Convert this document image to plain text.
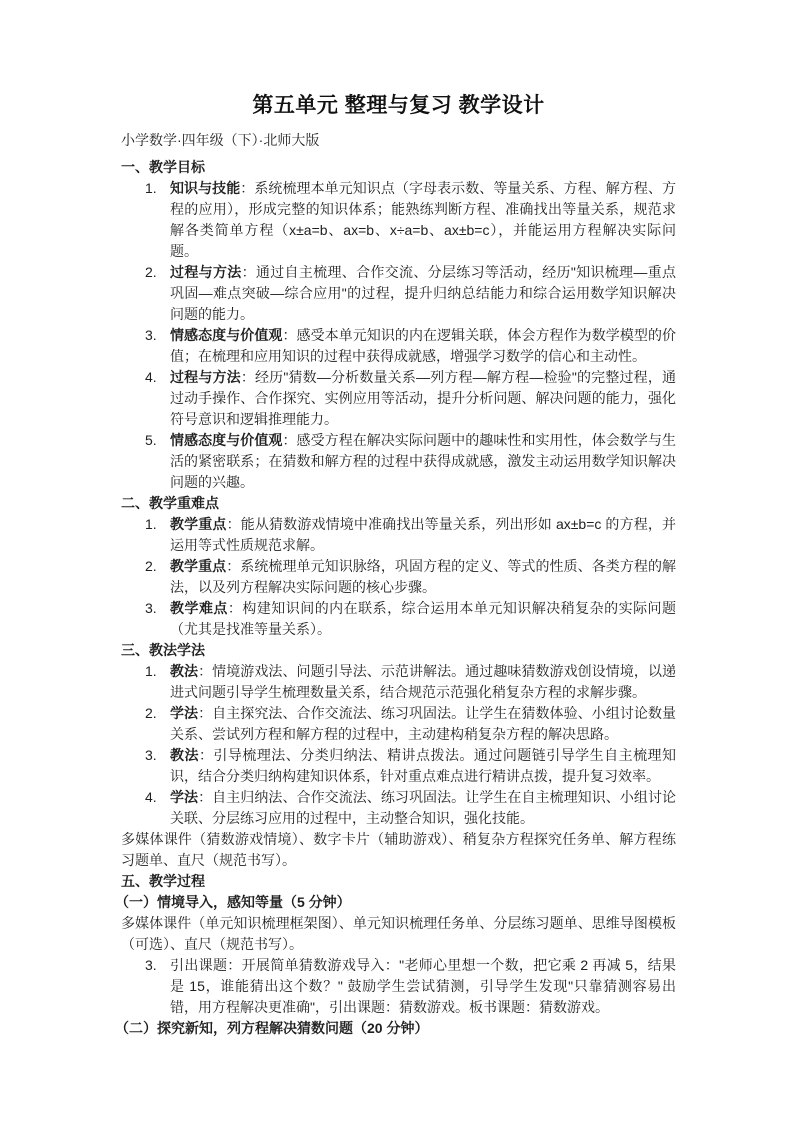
第五单元 整理与复习 教学设计
小学数学·四年级（下）·北师大版
一、教学目标
1. 知识与技能：系统梳理本单元知识点（字母表示数、等量关系、方程、解方程、方程的应用），形成完整的知识体系；能熟练判断方程、准确找出等量关系，规范求解各类简单方程（x±a=b、ax=b、x÷a=b、ax±b=c），并能运用方程解决实际问题。
2. 过程与方法：通过自主梳理、合作交流、分层练习等活动，经历"知识梳理—重点巩固—难点突破—综合应用"的过程，提升归纳总结能力和综合运用数学知识解决问题的能力。
3. 情感态度与价值观：感受本单元知识的内在逻辑关联，体会方程作为数学模型的价值；在梳理和应用知识的过程中获得成就感，增强学习数学的信心和主动性。
4. 过程与方法：经历"猜数—分析数量关系—列方程—解方程—检验"的完整过程，通过动手操作、合作探究、实例应用等活动，提升分析问题、解决问题的能力，强化符号意识和逻辑推理能力。
5. 情感态度与价值观：感受方程在解决实际问题中的趣味性和实用性，体会数学与生活的紧密联系；在猜数和解方程的过程中获得成就感，激发主动运用数学知识解决问题的兴趣。
二、教学重难点
1. 教学重点：能从猜数游戏情境中准确找出等量关系，列出形如 ax±b=c 的方程，并运用等式性质规范求解。
2. 教学重点：系统梳理单元知识脉络，巩固方程的定义、等式的性质、各类方程的解法，以及列方程解决实际问题的核心步骤。
3. 教学难点：构建知识间的内在联系，综合运用本单元知识解决稍复杂的实际问题（尤其是找准等量关系）。
三、教法学法
1. 教法：情境游戏法、问题引导法、示范讲解法。通过趣味猜数游戏创设情境，以递进式问题引导学生梳理数量关系，结合规范示范强化稍复杂方程的求解步骤。
2. 学法：自主探究法、合作交流法、练习巩固法。让学生在猜数体验、小组讨论数量关系、尝试列方程和解方程的过程中，主动建构稍复杂方程的解决思路。
3. 教法：引导梳理法、分类归纳法、精讲点拨法。通过问题链引导学生自主梳理知识，结合分类归纳构建知识体系，针对重点难点进行精讲点拨，提升复习效率。
4. 学法：自主归纳法、合作交流法、练习巩固法。让学生在自主梳理知识、小组讨论关联、分层练习应用的过程中，主动整合知识，强化技能。
多媒体课件（猜数游戏情境）、数字卡片（辅助游戏）、稍复杂方程探究任务单、解方程练习题单、直尺（规范书写）。
五、教学过程
（一）情境导入，感知等量（5 分钟）
多媒体课件（单元知识梳理框架图）、单元知识梳理任务单、分层练习题单、思维导图模板（可选）、直尺（规范书写）。
3. 引出课题：开展简单猜数游戏导入："老师心里想一个数，把它乘 2 再减 5，结果是 15，谁能猜出这个数？" 鼓励学生尝试猜测，引导学生发现"只靠猜测容易出错，用方程解决更准确"，引出课题：猜数游戏。板书课题：猜数游戏。
（二）探究新知，列方程解决猜数问题（20 分钟）
